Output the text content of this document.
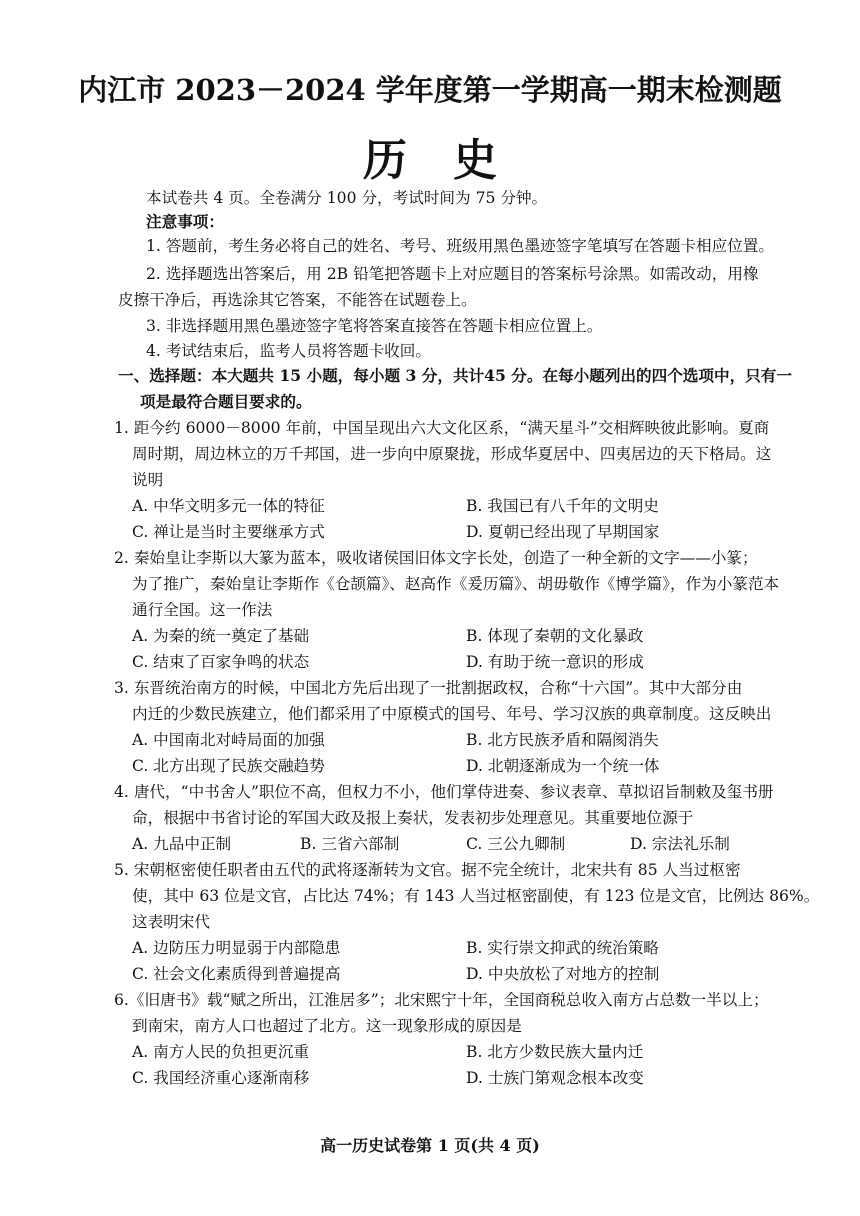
内江市 2023－2024 学年度第一学期高一期末检测题
历史
本试卷共 4 页。全卷满分 100 分，考试时间为 75 分钟。
注意事项：
1. 答题前，考生务必将自己的姓名、考号、班级用黑色墨迹签字笔填写在答题卡相应位置。
2. 选择题选出答案后，用 2B 铅笔把答题卡上对应题目的答案标号涂黑。如需改动，用橡
皮擦干净后，再选涂其它答案，不能答在试题卷上。
3. 非选择题用黑色墨迹签字笔将答案直接答在答题卡相应位置上。
4. 考试结束后，监考人员将答题卡收回。
一、选择题：本大题共 15 小题，每小题 3 分，共计45 分。在每小题列出的四个选项中，只有一
项是最符合题目要求的。
1. 距今约 6000－8000 年前，中国呈现出六大文化区系，“满天星斗”交相辉映彼此影响。夏商
周时期，周边林立的万千邦国，进一步向中原聚拢，形成华夏居中、四夷居边的天下格局。这
说明
A. 中华文明多元一体的特征	B. 我国已有八千年的文明史
C. 禅让是当时主要继承方式	D. 夏朝已经出现了早期国家
2. 秦始皇让李斯以大篆为蓝本，吸收诸侯国旧体文字长处，创造了一种全新的文字——小篆；
为了推广，秦始皇让李斯作《仓颉篇》、赵高作《爰历篇》、胡毋敬作《博学篇》，作为小篆范本
通行全国。这一作法
A. 为秦的统一奠定了基础	B. 体现了秦朝的文化暴政
C. 结束了百家争鸣的状态	D. 有助于统一意识的形成
3. 东晋统治南方的时候，中国北方先后出现了一批割据政权，合称“十六国”。其中大部分由
内迁的少数民族建立，他们都采用了中原模式的国号、年号、学习汉族的典章制度。这反映出
A. 中国南北对峙局面的加强	B. 北方民族矛盾和隔阂消失
C. 北方出现了民族交融趋势	D. 北朝逐渐成为一个统一体
4. 唐代，“中书舍人”职位不高，但权力不小，他们掌侍进奏、参议表章、草拟诏旨制敕及玺书册
命，根据中书省讨论的军国大政及报上奏状，发表初步处理意见。其重要地位源于
A. 九品中正制	B. 三省六部制	C. 三公九卿制	D. 宗法礼乐制
5. 宋朝枢密使任职者由五代的武将逐渐转为文官。据不完全统计，北宋共有 85 人当过枢密
使，其中 63 位是文官，占比达 74%；有 143 人当过枢密副使，有 123 位是文官，比例达 86%。
这表明宋代
A. 边防压力明显弱于内部隐患	B. 实行崇文抑武的统治策略
C. 社会文化素质得到普遍提高	D. 中央放松了对地方的控制
6.《旧唐书》载“赋之所出，江淮居多”；北宋熙宁十年，全国商税总收入南方占总数一半以上；
到南宋，南方人口也超过了北方。这一现象形成的原因是
A. 南方人民的负担更沉重	B. 北方少数民族大量内迁
C. 我国经济重心逐渐南移	D. 士族门第观念根本改变
高一历史试卷第 1 页(共 4 页)
